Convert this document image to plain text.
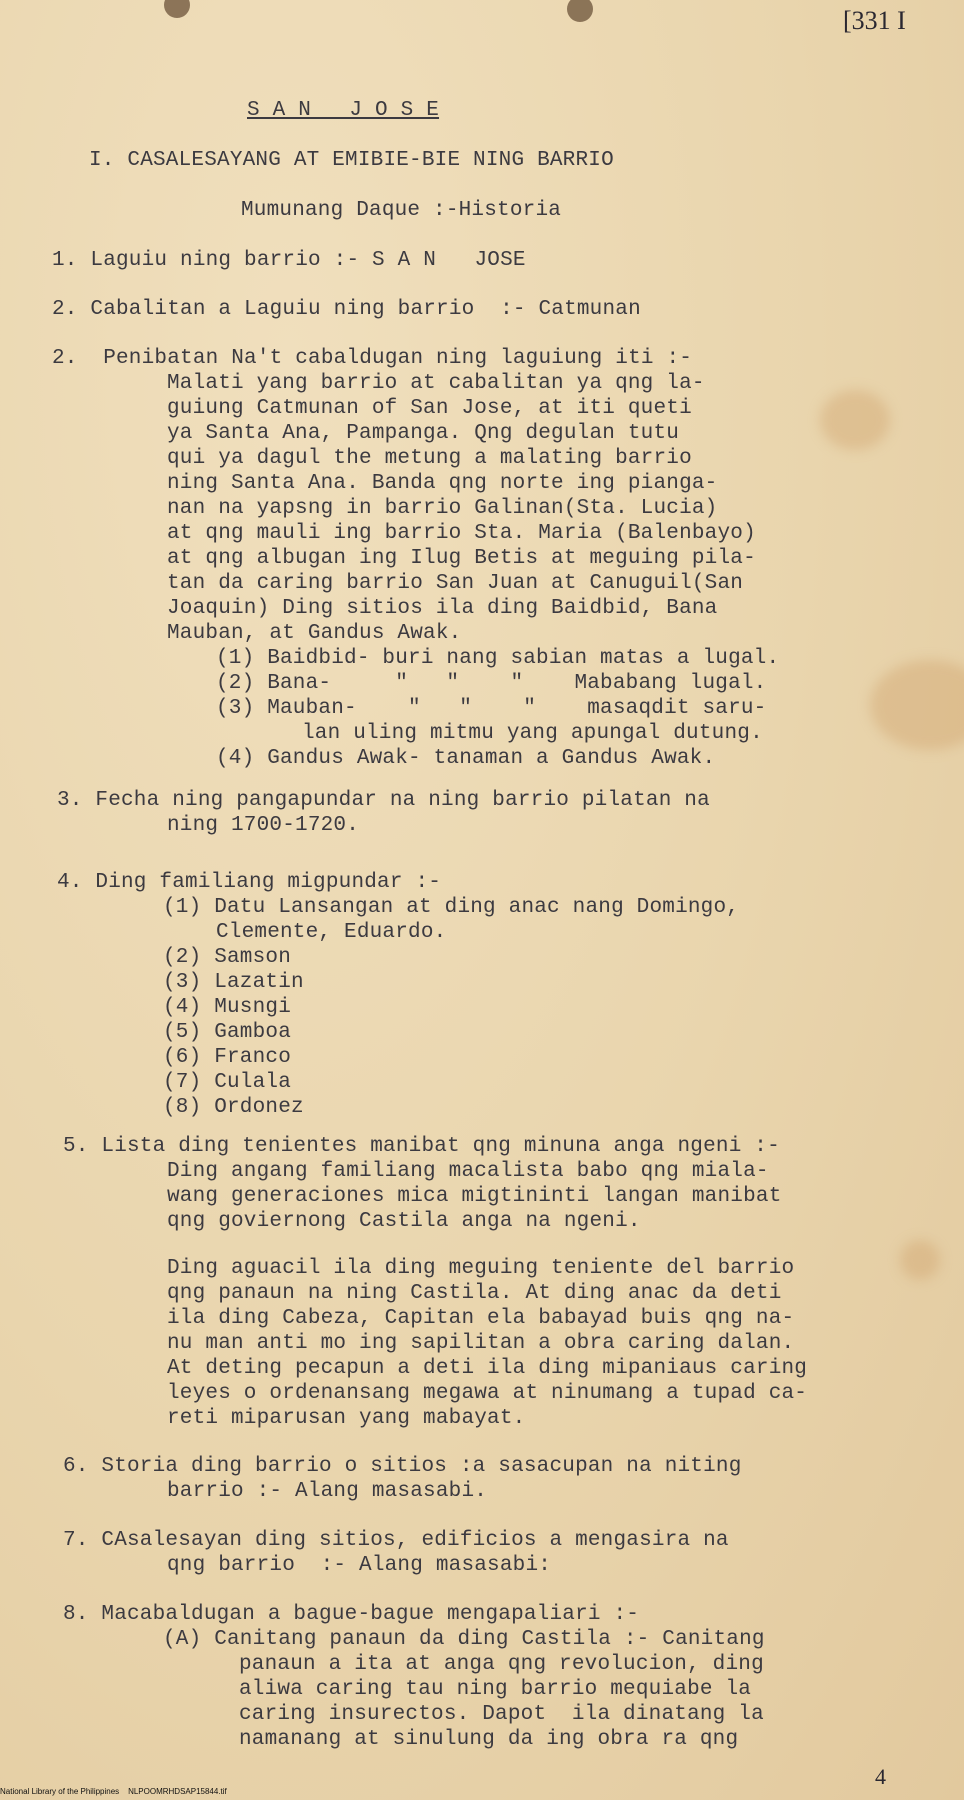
[331 I
S A N   J O S E
I. CASALESAYANG AT EMIBIE-BIE NING BARRIO
Mumunang Daque :-Historia
1. Laguiu ning barrio :- S A N   JOSE
2. Cabalitan a Laguiu ning barrio  :- Catmunan
2.  Penibatan Na't cabaldugan ning laguiung iti :-
Malati yang barrio at cabalitan ya qng la-
guiung Catmunan of San Jose, at iti queti
ya Santa Ana, Pampanga. Qng degulan tutu
qui ya dagul the metung a malating barrio
ning Santa Ana. Banda qng norte ing pianga-
nan na yapsng in barrio Galinan(Sta. Lucia)
at qng mauli ing barrio Sta. Maria (Balenbayo)
at qng albugan ing Ilug Betis at meguing pila-
tan da caring barrio San Juan at Canuguil(San
Joaquin) Ding sitios ila ding Baidbid, Bana
Mauban, at Gandus Awak.
(1) Baidbid- buri nang sabian matas a lugal.
(2) Bana-     "   "    "    Mababang lugal.
(3) Mauban-    "   "    "    masaqdit saru-
lan uling mitmu yang apungal dutung.
(4) Gandus Awak- tanaman a Gandus Awak.
3. Fecha ning pangapundar na ning barrio pilatan na
ning 1700-1720.
4. Ding familiang migpundar :-
(1) Datu Lansangan at ding anac nang Domingo,
Clemente, Eduardo.
(2) Samson
(3) Lazatin
(4) Musngi
(5) Gamboa
(6) Franco
(7) Culala
(8) Ordonez
5. Lista ding tenientes manibat qng minuna anga ngeni :-
Ding angang familiang macalista babo qng miala-
wang generaciones mica migtininti langan manibat
qng goviernong Castila anga na ngeni.
Ding aguacil ila ding meguing teniente del barrio
qng panaun na ning Castila. At ding anac da deti
ila ding Cabeza, Capitan ela babayad buis qng na-
nu man anti mo ing sapilitan a obra caring dalan.
At deting pecapun a deti ila ding mipaniaus caring
leyes o ordenansang megawa at ninumang a tupad ca-
reti miparusan yang mabayat.
6. Storia ding barrio o sitios :a sasacupan na niting
barrio :- Alang masasabi.
7. CAsalesayan ding sitios, edificios a mengasira na
qng barrio  :- Alang masasabi:
8. Macabaldugan a bague-bague mengapaliari :-
(A) Canitang panaun da ding Castila :- Canitang
panaun a ita at anga qng revolucion, ding
aliwa caring tau ning barrio mequiabe la
caring insurectos. Dapot  ila dinatang la
namanang at sinulung da ing obra ra qng
4
National Library of the Philippines    NLPOOMRHDSAP15844.tif
